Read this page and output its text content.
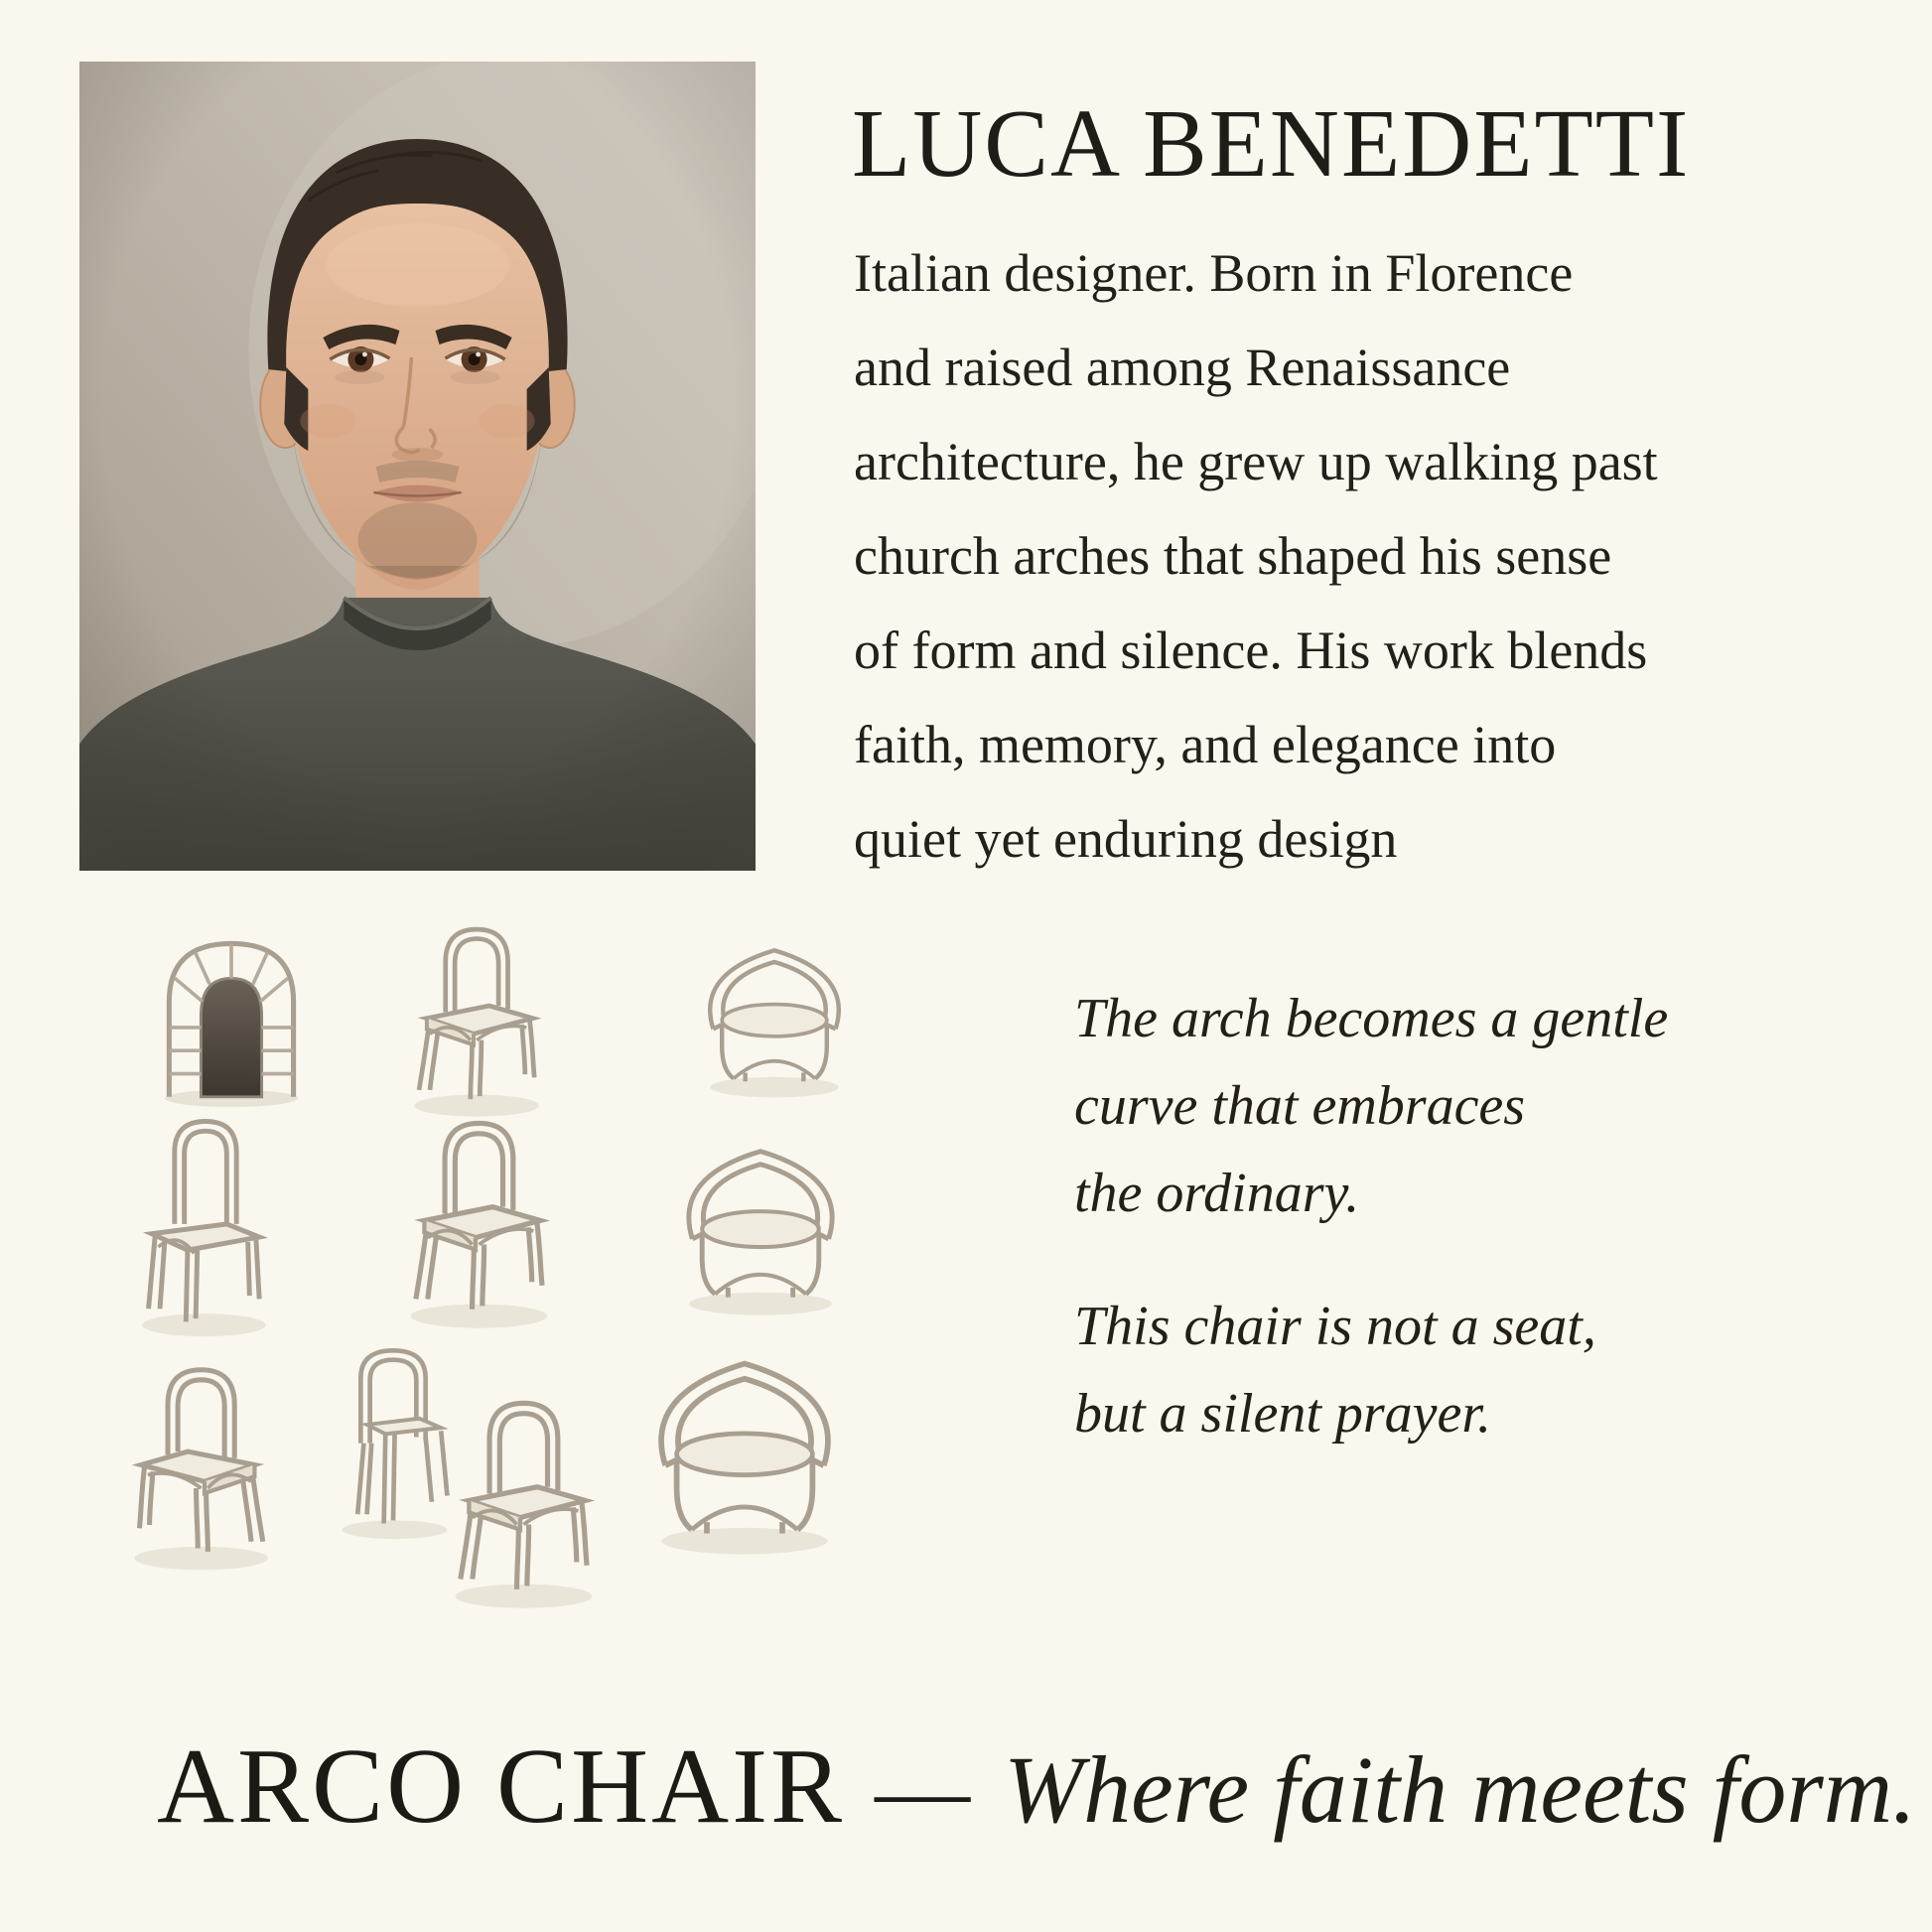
LUCA BENEDETTI
Italian designer. Born in Florence
and raised among Renaissance
architecture, he grew up walking past
church arches that shaped his sense
of form and silence. His work blends
faith, memory, and elegance into
quiet yet enduring design
The arch becomes a gentle
curve that embraces
the ordinary.
This chair is not a seat,
but a silent prayer.
ARCO CHAIR — Where faith meets form.
